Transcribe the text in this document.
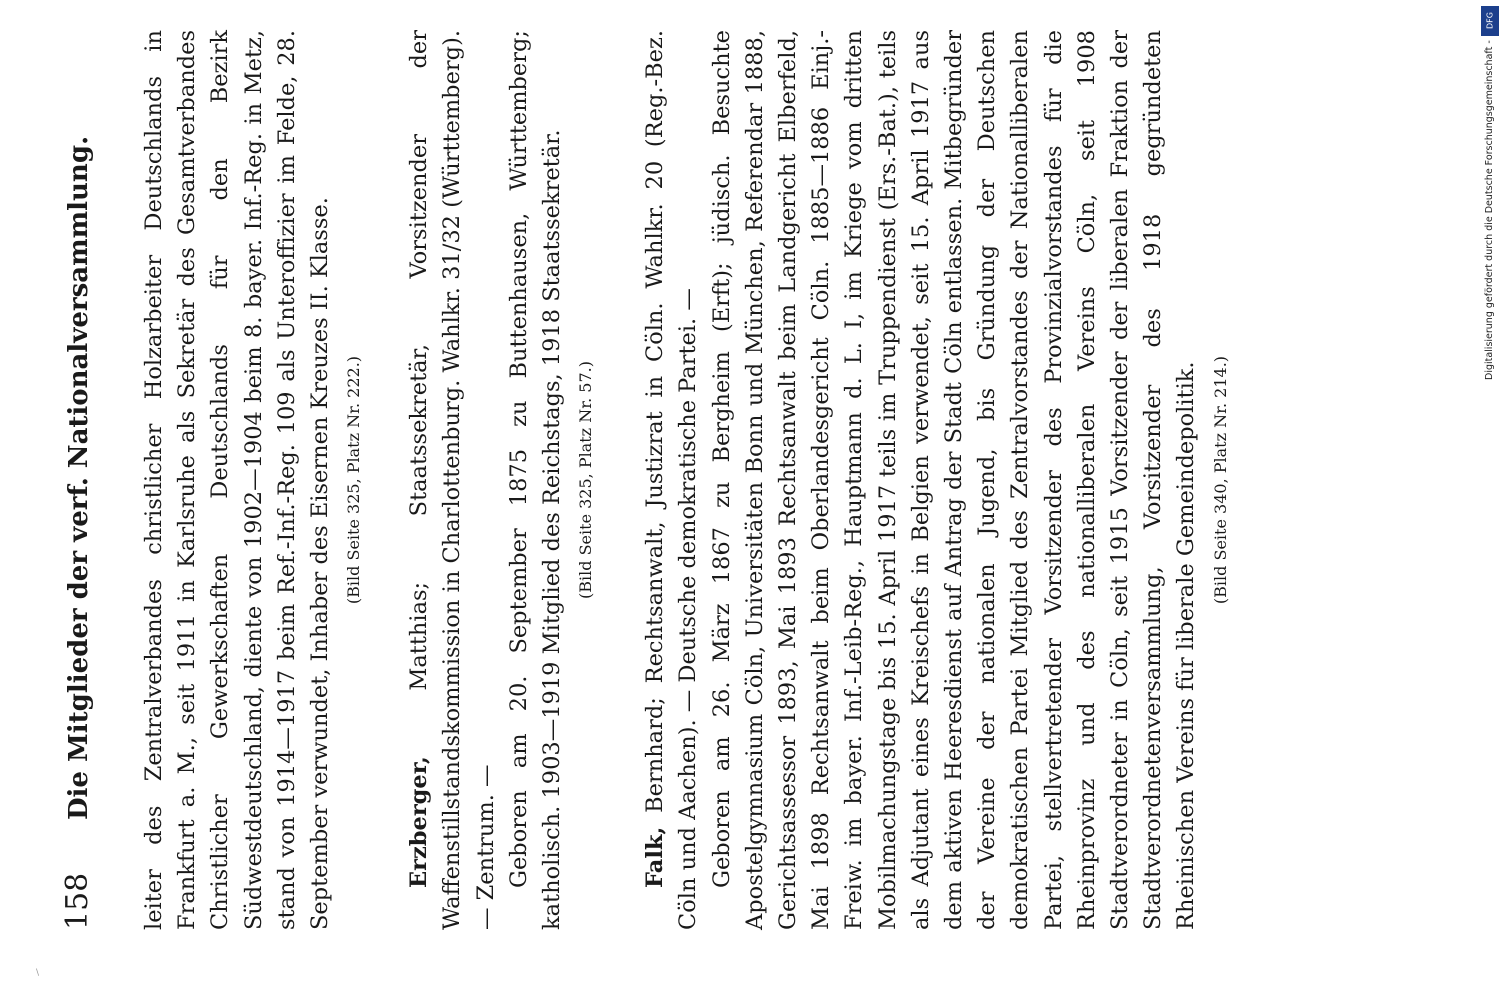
158
Die Mitglieder der verf. Nationalversammlung. leiter des Zentralverbandes christlicher Holzarbeiter Deutschlands in Frankfurt a. M., seit 1911 in Karlsruhe als Sekretär des Gesamtverbandes Christlicher Gewerkschaften Deutschlands für den Bezirk Südwestdeutschland, diente von 1902—1904 beim 8. bayer. Inf.-Reg. in Metz, stand von 1914—1917 beim Ref.-Inf.-Reg. 109 als Unteroffizier im Felde, 28. September verwundet, Inhaber des Eisernen Kreuzes II. Klasse. (Bild Seite 325, Platz Nr. 222.)

Erzberger, Matthias; Staatssekretär, Vorsitzender der Waffenstillstandskommission in Charlottenburg. Wahlkr. 31/32 (Württemberg). — Zentrum. — Geboren am 20. September 1875 zu Buttenhausen, Württemberg; katholisch. 1903—1919 Mitglied des Reichstags, 1918 Staatssekretär. (Bild Seite 325, Platz Nr. 57.)

Falk, Bernhard; Rechtsanwalt, Justizrat in Cöln. Wahlkr. 20 (Reg.-Bez. Cöln und Aachen). — Deutsche demokratische Partei. — Geboren am 26. März 1867 zu Bergheim (Erft); jüdisch. Besuchte Apostelgymnasium Cöln, Universitäten Bonn und München, Referendar 1888, Gerichtsassessor 1893, Mai 1893 Rechtsanwalt beim Landgericht Elberfeld, Mai 1898 Rechtsanwalt beim Oberlandesgericht Cöln. 1885—1886 Einj.-Freiw. im bayer. Inf.-Leib-Reg., Hauptmann d. L. I, im Kriege vom dritten Mobilmachungstage bis 15. April 1917 teils im Truppendienst (Ers.-Bat.), teils als Adjutant eines Kreischefs in Belgien verwendet, seit 15. April 1917 aus dem aktiven Heeresdienst auf Antrag der Stadt Cöln entlassen. Mitbegründer der Vereine der nationalen Jugend, bis Gründung der Deutschen demokratischen Partei Mitglied des Zentralvorstandes der Nationalliberalen Partei, stellvertretender Vorsitzender des Provinzialvorstandes für die Rheinprovinz und des nationalliberalen Vereins Cöln, seit 1908 Stadtverordneter in Cöln, seit 1915 Vorsitzender der liberalen Fraktion der Stadtverordnetenversammlung, Vorsitzender des 1918 gegründeten Rheinischen Vereins für liberale Gemeindepolitik. (Bild Seite 340, Platz Nr. 214.)

DFG
Digitalisierung gefördert durch die Deutsche Forschungsgemeinschaft -
\
